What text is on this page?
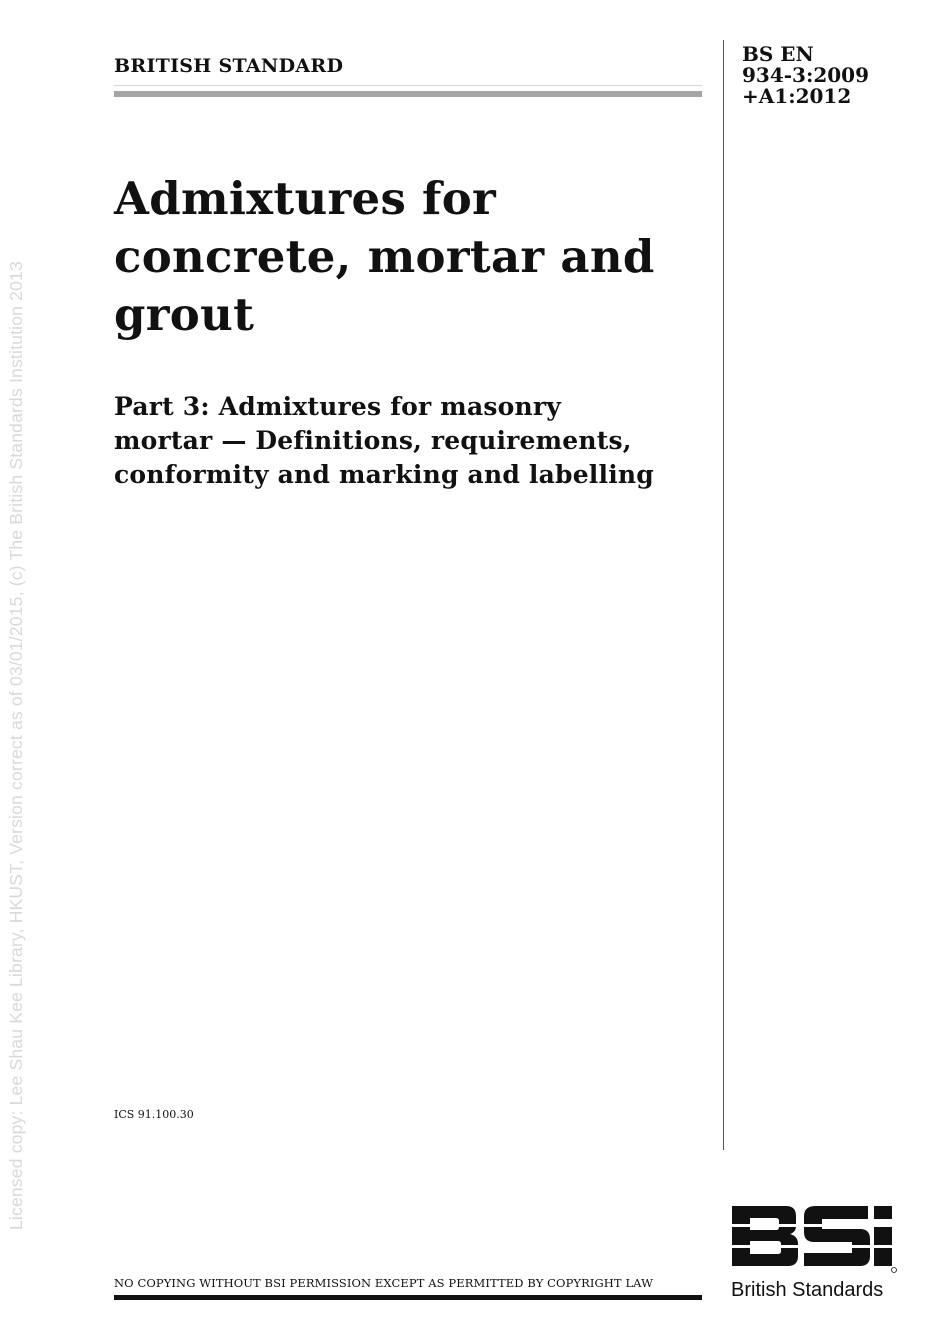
Licensed copy: Lee Shau Kee Library, HKUST, Version correct as of 03/01/2015, (c) The British Standards Institution 2013
BRITISH STANDARD	BS EN
934-3:2009
+A1:2012
Admixtures for
concrete, mortar and
grout
Part 3: Admixtures for masonry
mortar — Definitions, requirements,
conformity and marking and labelling
ICS 91.100.30
NO COPYING WITHOUT BSI PERMISSION EXCEPT AS PERMITTED BY COPYRIGHT LAW	British Standards
